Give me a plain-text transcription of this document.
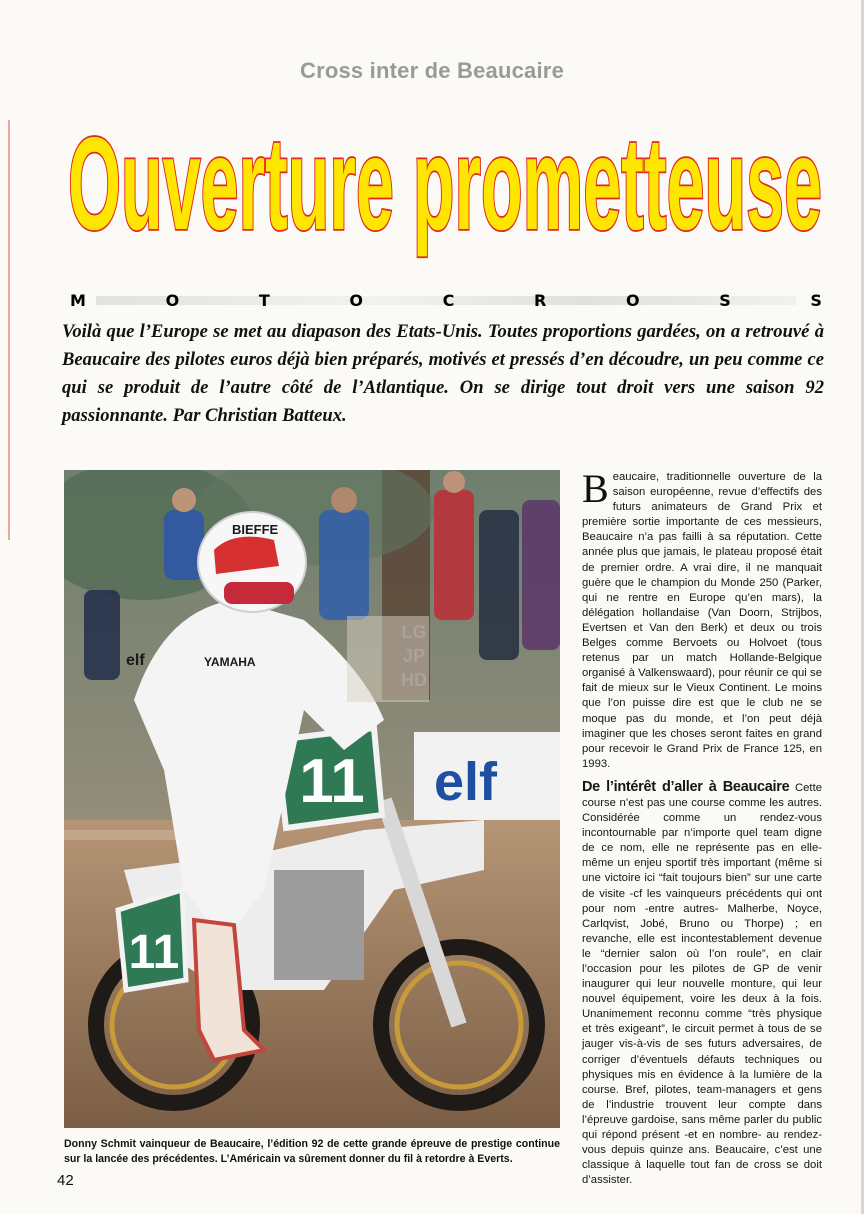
Cross inter de Beaucaire
Ouverture prometteuse
M	O	T	O	C	R	O	S	S
Voilà que l’Europe se met au diapason des Etats-Unis. Toutes proportions gardées, on a retrouvé à Beaucaire des pilotes euros déjà bien préparés, motivés et pressés d’en découdre, un peu comme ce qui se produit de l’autre côté de l’Atlantique. On se dirige tout droit vers une saison 92 passionnante. Par Christian Batteux.
elf
11
11
YAMAHA
elf
BIEFFE
LG
JP
HD
Donny Schmit vainqueur de Beaucaire, l’édition 92 de cette grande épreuve de prestige continue sur la lancée des précédentes. L’Américain va sûrement donner du fil à retordre à Everts.
42

Beaucaire, traditionnelle ouverture de la saison européenne, revue d’effectifs des futurs animateurs de Grand Prix et première sortie importante de ces messieurs, Beaucaire n’a pas failli à sa réputation. Cette année plus que jamais, le plateau proposé était de premier ordre. A vrai dire, il ne manquait guère que le champion du Monde 250 (Parker, qui ne rentre en Europe qu’en mars), la délégation hollandaise (Van Doorn, Strijbos, Evertsen et Van den Berk) et deux ou trois Belges comme Bervoets ou Holvoet (tous retenus par un match Hollande-Belgique organisé à Valkenswaard), pour réunir ce qui se fait de mieux sur le Vieux Continent. Le moins que l’on puisse dire est que le club ne se moque pas du monde, et l’on peut déjà imaginer que les choses seront faites en grand pour recevoir le Grand Prix de France 125, en 1993.

De l’intérêt d’aller à Beaucaire Cette course n’est pas une course comme les autres. Considérée comme un rendez-vous incontournable par n’importe quel team digne de ce nom, elle ne représente pas en elle-même un enjeu sportif très important (même si une victoire ici “fait toujours bien” sur une carte de visite -cf les vainqueurs précédents qui ont pour nom -entre autres- Malherbe, Noyce, Carlqvist, Jobé, Bruno ou Thorpe) ; en revanche, elle est incontestablement devenue le “dernier salon où l’on roule”, en clair l’occasion pour les pilotes de GP de venir inaugurer qui leur nouvelle monture, qui leur nouvel équipement, voire les deux à la fois. Unanimement reconnu comme “très physique et très exigeant”, le circuit permet à tous de se jauger vis-à-vis de ses futurs adversaires, de corriger d’éventuels défauts techniques ou physiques mis en évidence à la lumière de la course. Bref, pilotes, team-managers et gens de l’industrie trouvent leur compte dans l’épreuve gardoise, sans même parler du public qui répond présent -et en nombre- au rendez-vous depuis quinze ans. Beaucaire, c’est une classique à laquelle tout fan de cross se doit d’assister.
